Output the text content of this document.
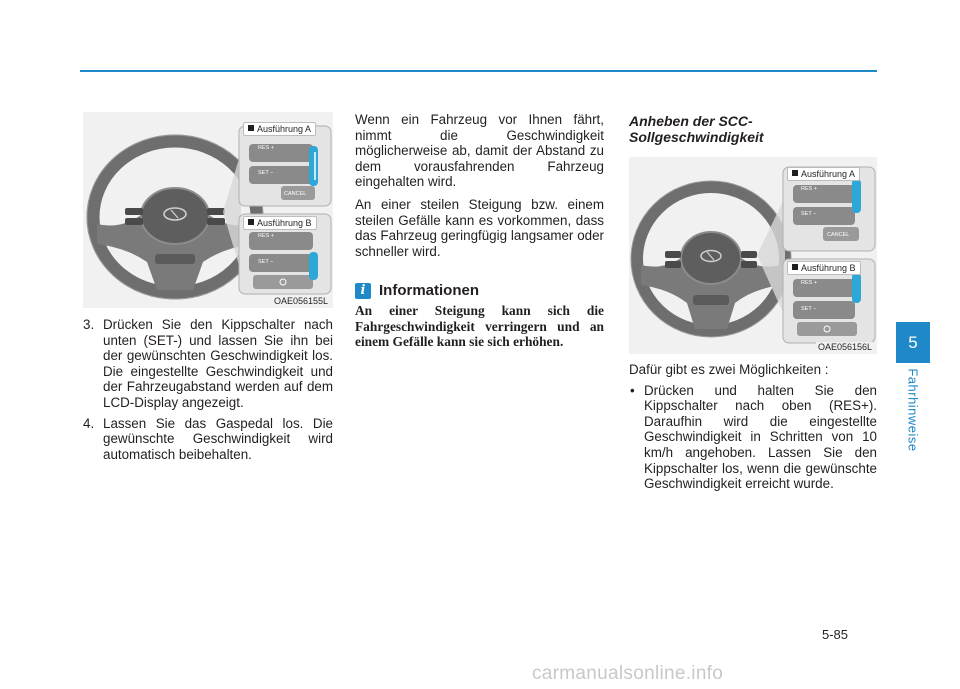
RES +
SET −
CANCEL
RES +
SET −
Ausführung A
Ausführung B
OAE056155L
3. Drücken Sie den Kippschalter nach unten (SET-) und lassen Sie ihn bei der gewünschten Geschwindigkeit los. Die eingestellte Geschwindigkeit und der Fahrzeugabstand werden auf dem LCD-Display angezeigt.
4. Lassen Sie das Gaspedal los. Die gewünschte Geschwindigkeit wird automatisch beibehalten.

Wenn ein Fahrzeug vor Ihnen fährt, nimmt die Geschwindigkeit möglicherweise ab, damit der Abstand zu dem vorausfahrenden Fahrzeug eingehalten wird.

An einer steilen Steigung bzw. einem steilen Gefälle kann es vorkommen, dass das Fahrzeug geringfügig langsamer oder schneller wird.

i Informationen
An einer Steigung kann sich die Fahrgeschwindigkeit verringern und an einem Gefälle kann sie sich erhöhen.
Anheben der SCC-
Sollgeschwindigkeit
RES +
SET −
CANCEL
RES +
SET −
Ausführung A
Ausführung B
OAE056156L

Dafür gibt es zwei Möglichkeiten :

• Drücken und halten Sie den Kippschalter nach oben (RES+). Daraufhin wird die eingestellte Geschwindigkeit in Schritten von 10 km/h angehoben. Lassen Sie den Kippschalter los, wenn die gewünschte Geschwindigkeit erreicht wurde.
5
Fahrhinweise
5-85
carmanualsonline.info
